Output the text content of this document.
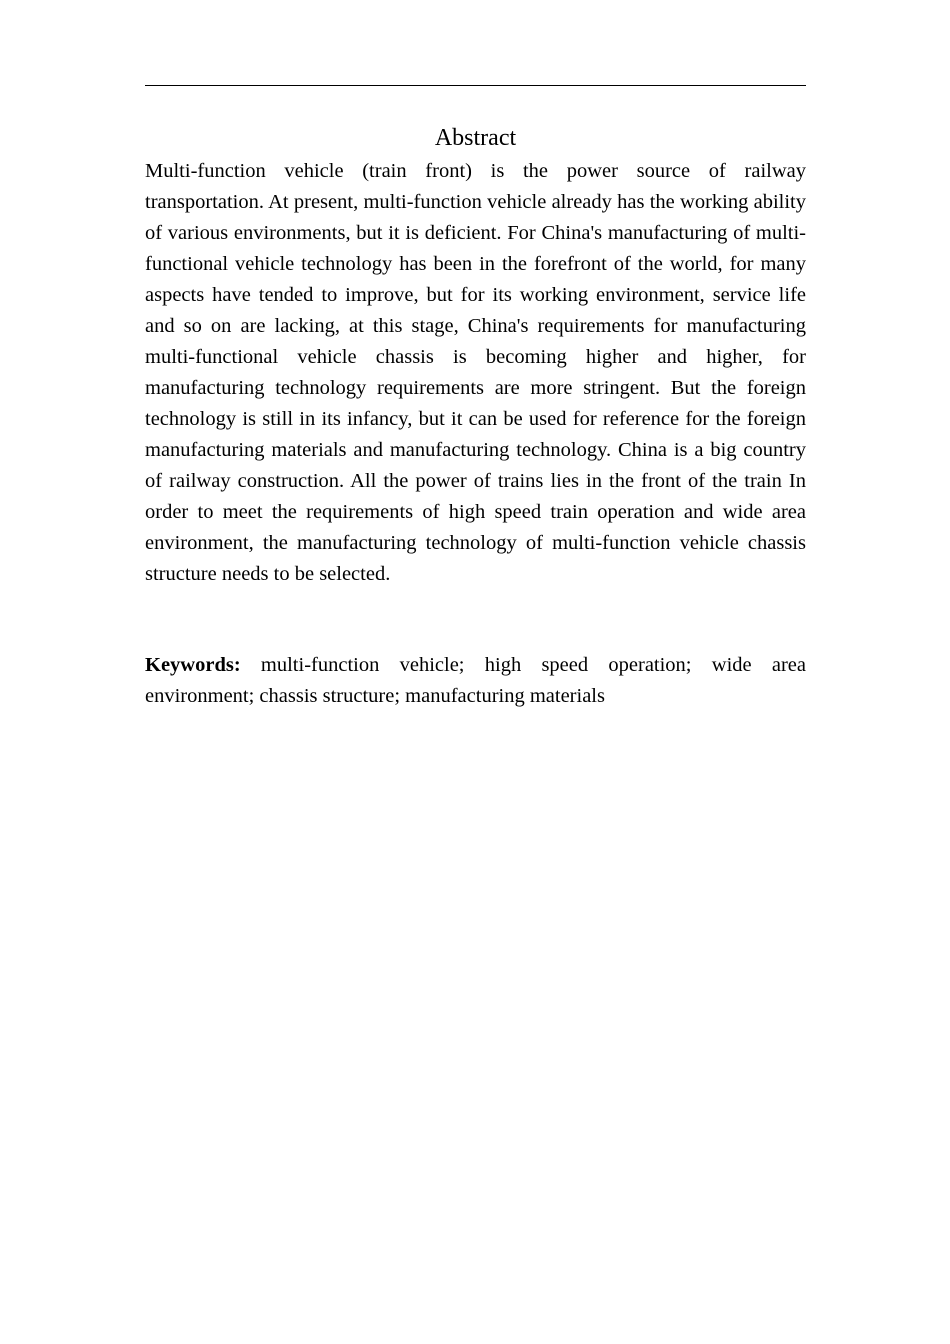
Abstract

Multi-function vehicle (train front) is the power source of railway transportation. At present, multi-function vehicle already has the working ability of various environments, but it is deficient. For China's manufacturing of multi-functional vehicle technology has been in the forefront of the world, for many aspects have tended to improve, but for its working environment, service life and so on are lacking, at this stage, China's requirements for manufacturing multi-functional vehicle chassis is becoming higher and higher, for manufacturing technology requirements are more stringent. But the foreign technology is still in its infancy, but it can be used for reference for the foreign manufacturing materials and manufacturing technology. China is a big country of railway construction. All the power of trains lies in the front of the train In order to meet the requirements of high speed train operation and wide area environment, the manufacturing technology of multi-function vehicle chassis structure needs to be selected.

Keywords: multi-function vehicle; high speed operation; wide area environment; chassis structure; manufacturing materials
